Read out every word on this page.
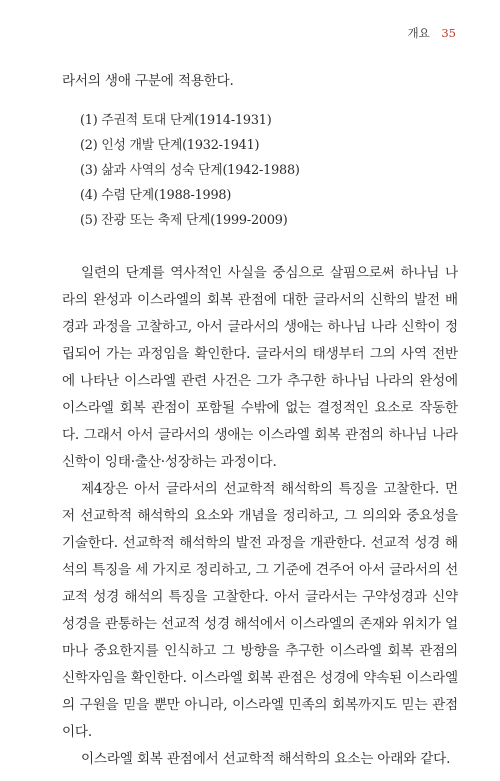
개요 35

라서의 생애 구분에 적용한다.

(1) 주권적 토대 단계(1914-1931)
(2) 인성 개발 단계(1932-1941)
(3) 삶과 사역의 성숙 단계(1942-1988)
(4) 수렴 단계(1988-1998)
(5) 잔광 또는 축제 단계(1999-2009)

일련의 단계를 역사적인 사실을 중심으로 살핌으로써 하나님 나라의 완성과 이스라엘의 회복 관점에 대한 글라서의 신학의 발전 배경과 과정을 고찰하고, 아서 글라서의 생애는 하나님 나라 신학이 정립되어 가는 과정임을 확인한다. 글라서의 태생부터 그의 사역 전반에 나타난 이스라엘 관련 사건은 그가 추구한 하나님 나라의 완성에 이스라엘 회복 관점이 포함될 수밖에 없는 결정적인 요소로 작동한다. 그래서 아서 글라서의 생애는 이스라엘 회복 관점의 하나님 나라 신학이 잉태·출산·성장하는 과정이다.

제4장은 아서 글라서의 선교학적 해석학의 특징을 고찰한다. 먼저 선교학적 해석학의 요소와 개념을 정리하고, 그 의의와 중요성을 기술한다. 선교학적 해석학의 발전 과정을 개관한다. 선교적 성경 해석의 특징을 세 가지로 정리하고, 그 기준에 견주어 아서 글라서의 선교적 성경 해석의 특징을 고찰한다. 아서 글라서는 구약성경과 신약성경을 관통하는 선교적 성경 해석에서 이스라엘의 존재와 위치가 얼마나 중요한지를 인식하고 그 방향을 추구한 이스라엘 회복 관점의 신학자임을 확인한다. 이스라엘 회복 관점은 성경에 약속된 이스라엘의 구원을 믿을 뿐만 아니라, 이스라엘 민족의 회복까지도 믿는 관점이다.

이스라엘 회복 관점에서 선교학적 해석학의 요소는 아래와 같다.
